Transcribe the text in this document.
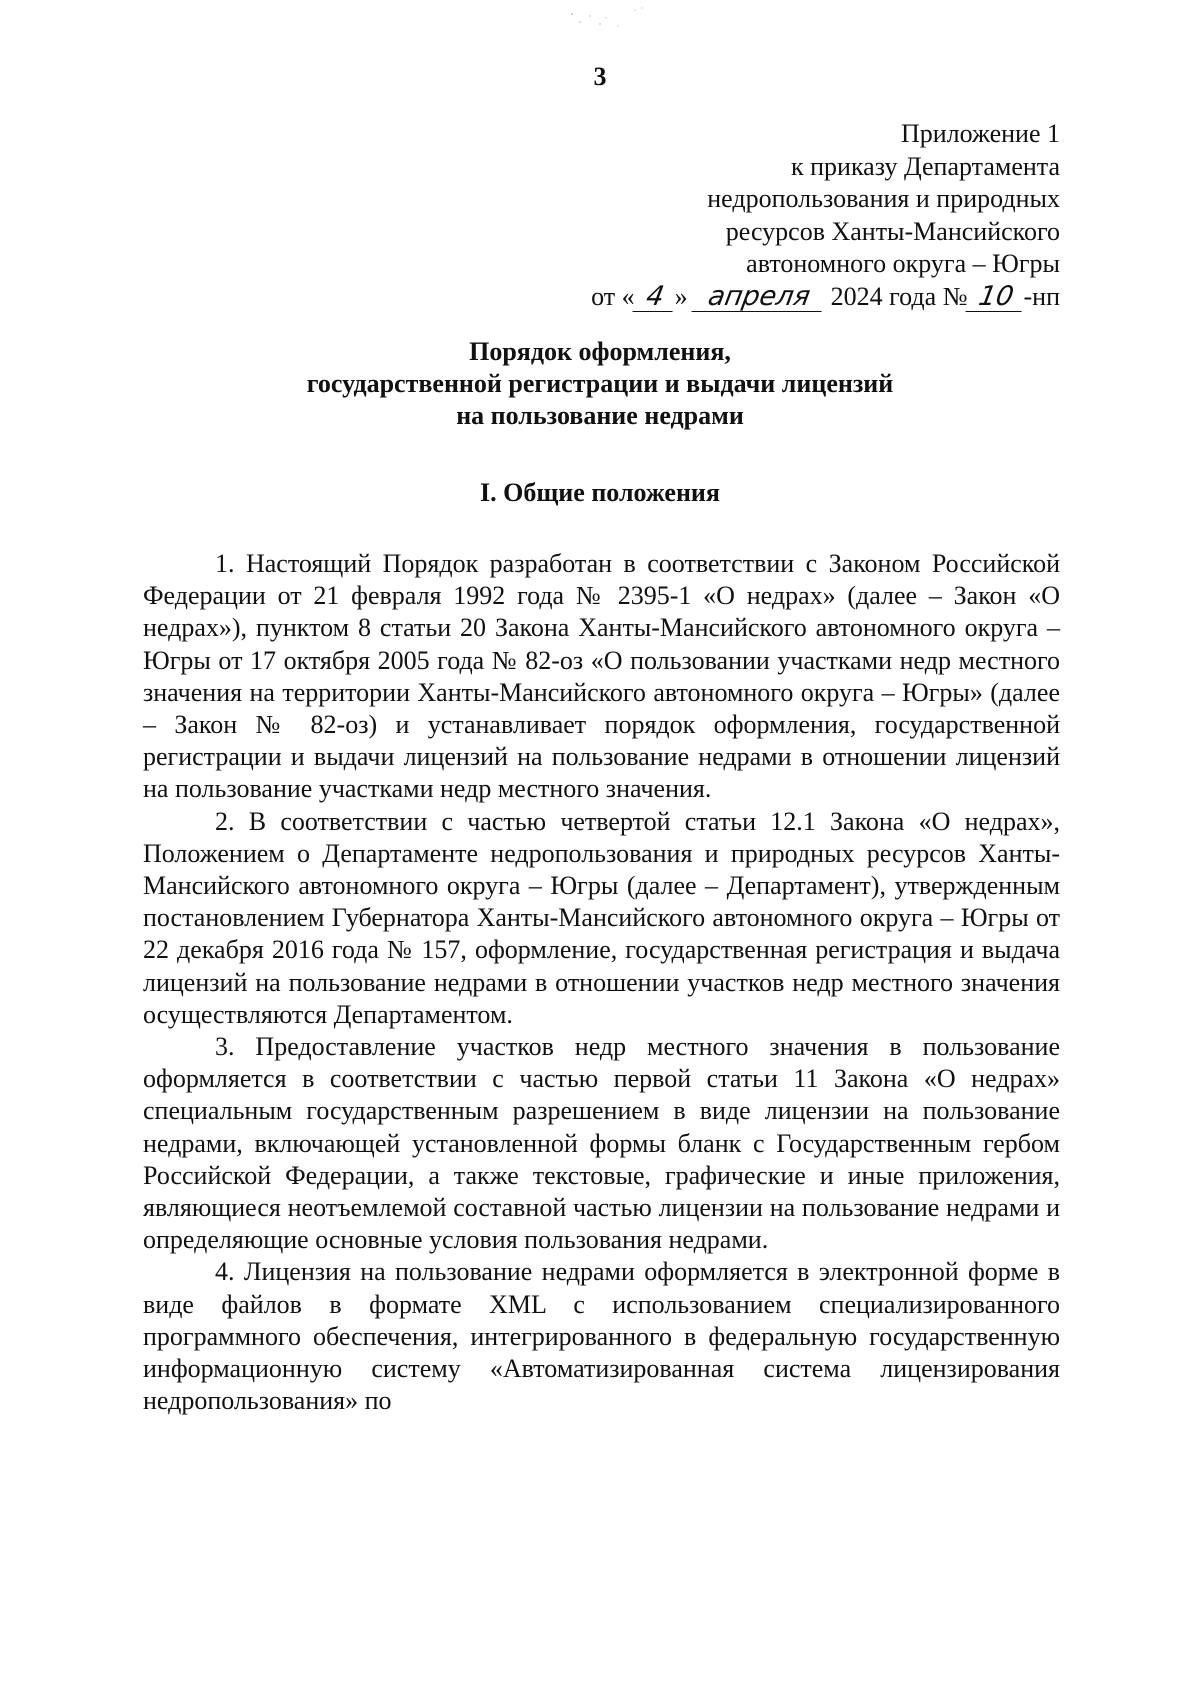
3
Приложение 1
к приказу Департамента
недропользования и природных
ресурсов Ханты-Мансийского
автономного округа – Югры
от « 4 » апреля 2024 года № 10 -нп
Порядок оформления,
государственной регистрации и выдачи лицензий
на пользование недрами
I. Общие положения

1. Настоящий Порядок разработан в соответствии с Законом Российской Федерации от 21 февраля 1992 года № 2395-1 «О недрах» (далее – Закон «О недрах»), пунктом 8 статьи 20 Закона Ханты-Мансийского автономного округа – Югры от 17 октября 2005 года № 82-оз «О пользовании участками недр местного значения на территории Ханты-Мансийского автономного округа – Югры» (далее – Закон № 82-оз) и устанавливает порядок оформления, государственной регистрации и выдачи лицензий на пользование недрами в отношении лицензий на пользование участками недр местного значения.

2. В соответствии с частью четвертой статьи 12.1 Закона «О недрах», Положением о Департаменте недропользования и природных ресурсов Ханты-Мансийского автономного округа – Югры (далее – Департамент), утвержденным постановлением Губернатора Ханты-Мансийского автономного округа – Югры от 22 декабря 2016 года № 157, оформление, государственная регистрация и выдача лицензий на пользование недрами в отношении участков недр местного значения осуществляются Департаментом.

3. Предоставление участков недр местного значения в пользование оформляется в соответствии с частью первой статьи 11 Закона «О недрах» специальным государственным разрешением в виде лицензии на пользование недрами, включающей установленной формы бланк с Государственным гербом Российской Федерации, а также текстовые, графические и иные приложения, являющиеся неотъемлемой составной частью лицензии на пользование недрами и определяющие основные условия пользования недрами.

4. Лицензия на пользование недрами оформляется в электронной форме в виде файлов в формате XML с использованием специализированного программного обеспечения, интегрированного в федеральную государственную информационную систему «Автоматизированная система лицензирования недропользования» по
